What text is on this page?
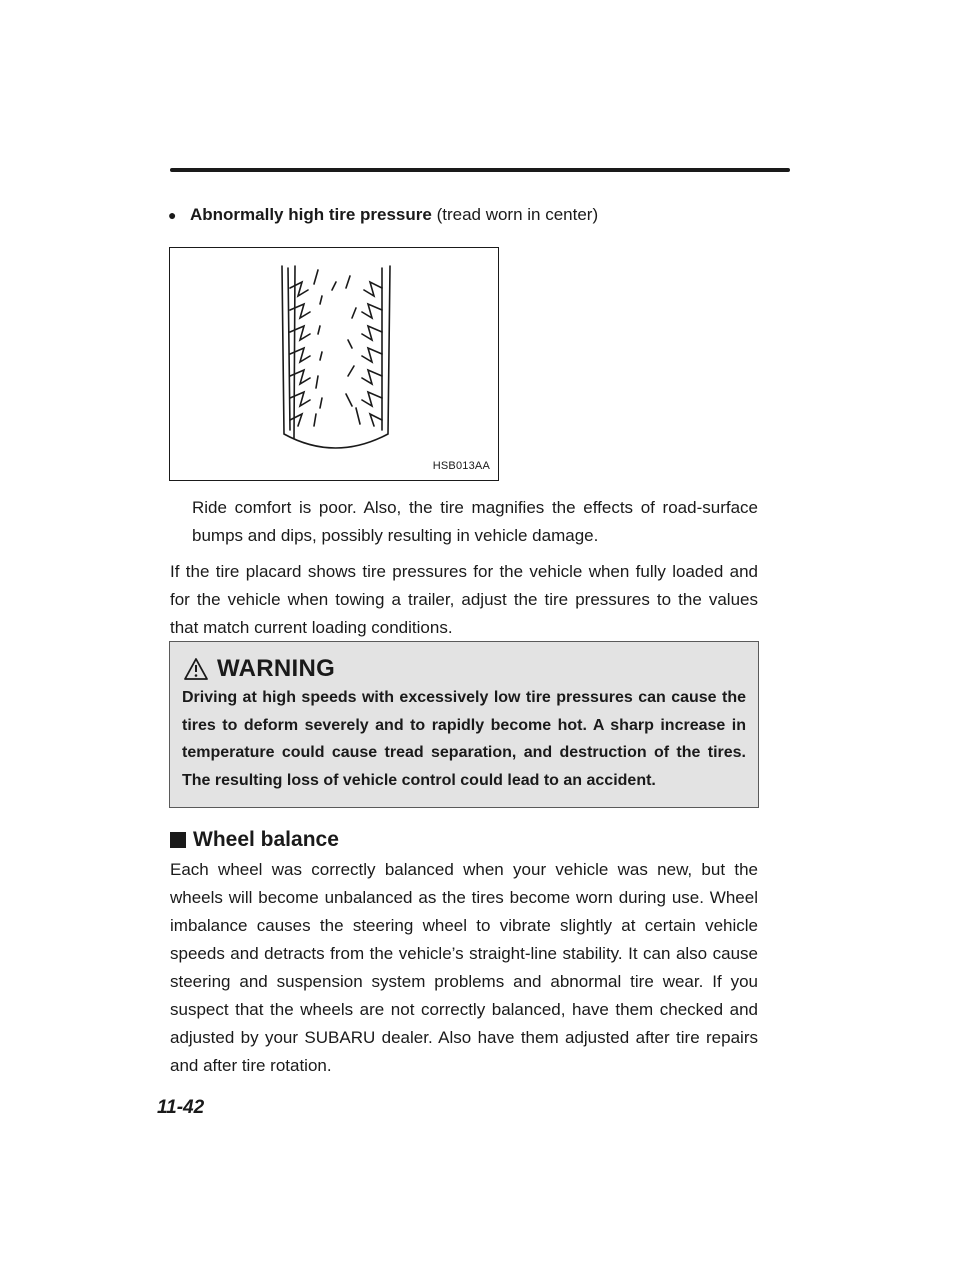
● Abnormally high tire pressure (tread worn in center)
HSB013AA
Ride comfort is poor. Also, the tire magnifies the effects of road-surface bumps and dips, possibly resulting in vehicle damage.
If the tire placard shows tire pressures for the vehicle when fully loaded and for the vehicle when towing a trailer, adjust the tire pressures to the values that match current loading conditions.
WARNING
Driving at high speeds with excessively low tire pressures can cause the tires to deform severely and to rapidly become hot. A sharp increase in temperature could cause tread separation, and destruction of the tires. The resulting loss of vehicle control could lead to an accident.
Wheel balance
Each wheel was correctly balanced when your vehicle was new, but the wheels will become unbalanced as the tires become worn during use. Wheel imbalance causes the steering wheel to vibrate slightly at certain vehicle speeds and detracts from the vehicle’s straight-line stability. It can also cause steering and suspension system problems and abnormal tire wear. If you suspect that the wheels are not correctly balanced, have them checked and adjusted by your SUBARU dealer. Also have them adjusted after tire repairs and after tire rotation.
11-42
